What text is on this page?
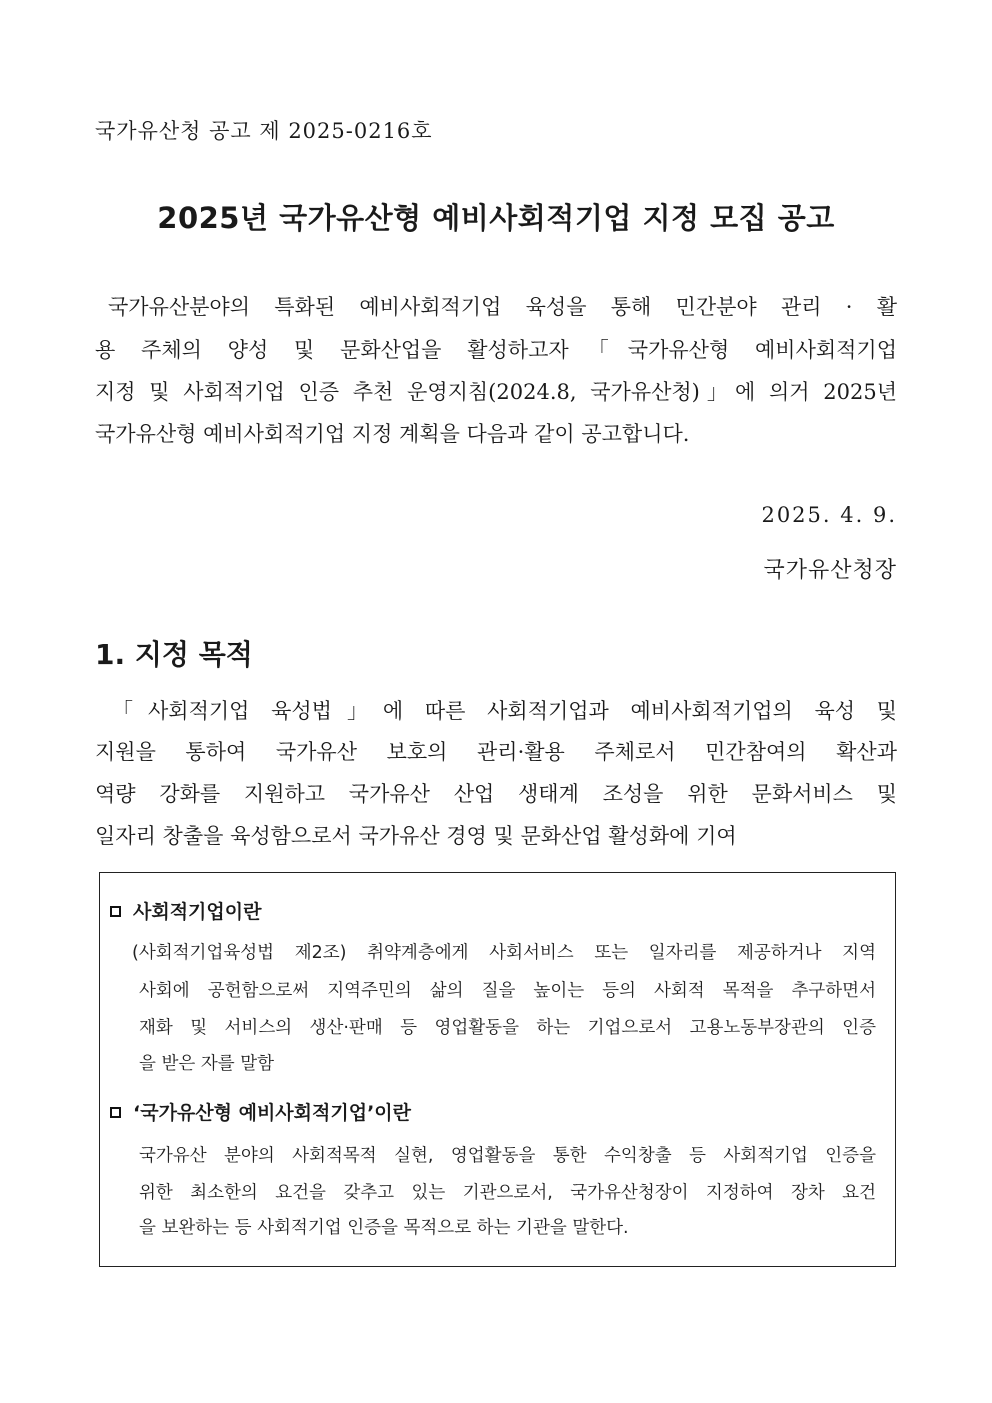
국가유산청 공고 제 2025-0216호
2025년 국가유산형 예비사회적기업 지정 모집 공고
국가유산분야의 특화된 예비사회적기업 육성을 통해 민간분야 관리 · 활
용 주체의 양성 및 문화산업을 활성하고자「국가유산형 예비사회적기업
지정 및 사회적기업 인증 추천 운영지침(2024.8, 국가유산청)」에 의거 2025년
국가유산형 예비사회적기업 지정 계획을 다음과 같이 공고합니다.
2025. 4. 9.
국가유산청장
1. 지정 목적
「사회적기업 육성법」에 따른 사회적기업과 예비사회적기업의 육성 및
지원을 통하여 국가유산 보호의 관리·활용 주체로서 민간참여의 확산과
역량 강화를 지원하고 국가유산 산업 생태계 조성을 위한 문화서비스 및
일자리 창출을 육성함으로서 국가유산 경영 및 문화산업 활성화에 기여
사회적기업이란
(사회적기업육성법 제2조) 취약계층에게 사회서비스 또는 일자리를 제공하거나 지역
사회에 공헌함으로써 지역주민의 삶의 질을 높이는 등의 사회적 목적을 추구하면서
재화 및 서비스의 생산·판매 등 영업활동을 하는 기업으로서 고용노동부장관의 인증
을 받은 자를 말함
‘국가유산형 예비사회적기업’이란
국가유산 분야의 사회적목적 실현, 영업활동을 통한 수익창출 등 사회적기업 인증을
위한 최소한의 요건을 갖추고 있는 기관으로서, 국가유산청장이 지정하여 장차 요건
을 보완하는 등 사회적기업 인증을 목적으로 하는 기관을 말한다.
